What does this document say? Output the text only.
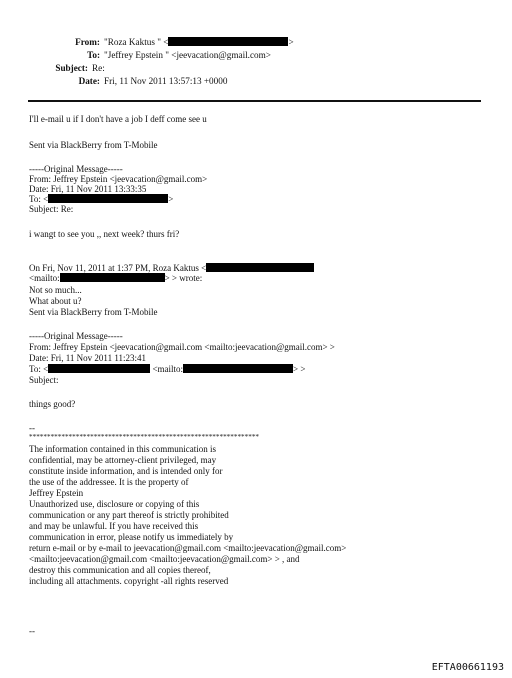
From: "Roza Kaktus " <	>
To: "Jeffrey Epstein " <jeevacation@gmail.com>
Subject: Re:
Date: Fri, 11 Nov 2011 13:57:13 +0000
I'll e-mail u if I don't have a job I deff come see u
Sent via BlackBerry from T-Mobile
-----Original Message-----
From: Jeffrey Epstein <jeevacation@gmail.com>
Date: Fri, 11 Nov 2011 13:33:35
To: <	>
Subject: Re:
i wangt to see you ,, next week? thurs fri?
On Fri, Nov 11, 2011 at 1:37 PM, Roza Kaktus <
<mailto:	> > wrote:
Not so much...
What about u?
Sent via BlackBerry from T-Mobile
-----Original Message-----
From: Jeffrey Epstein <jeevacation@gmail.com <mailto:jeevacation@gmail.com> >
Date: Fri, 11 Nov 2011 11:23:41
To: <	<mailto:	> >
Subject:
things good?
--
****************************************************************
The information contained in this communication is
confidential, may be attorney-client privileged, may
constitute inside information, and is intended only for
the use of the addressee. It is the property of
Jeffrey Epstein
Unauthorized use, disclosure or copying of this
communication or any part thereof is strictly prohibited
and may be unlawful. If you have received this
communication in error, please notify us immediately by
return e-mail or by e-mail to jeevacation@gmail.com <mailto:jeevacation@gmail.com>
<mailto:jeevacation@gmail.com <mailto:jeevacation@gmail.com> > , and
destroy this communication and all copies thereof,
including all attachments. copyright -all rights reserved
--
EFTA00661193
